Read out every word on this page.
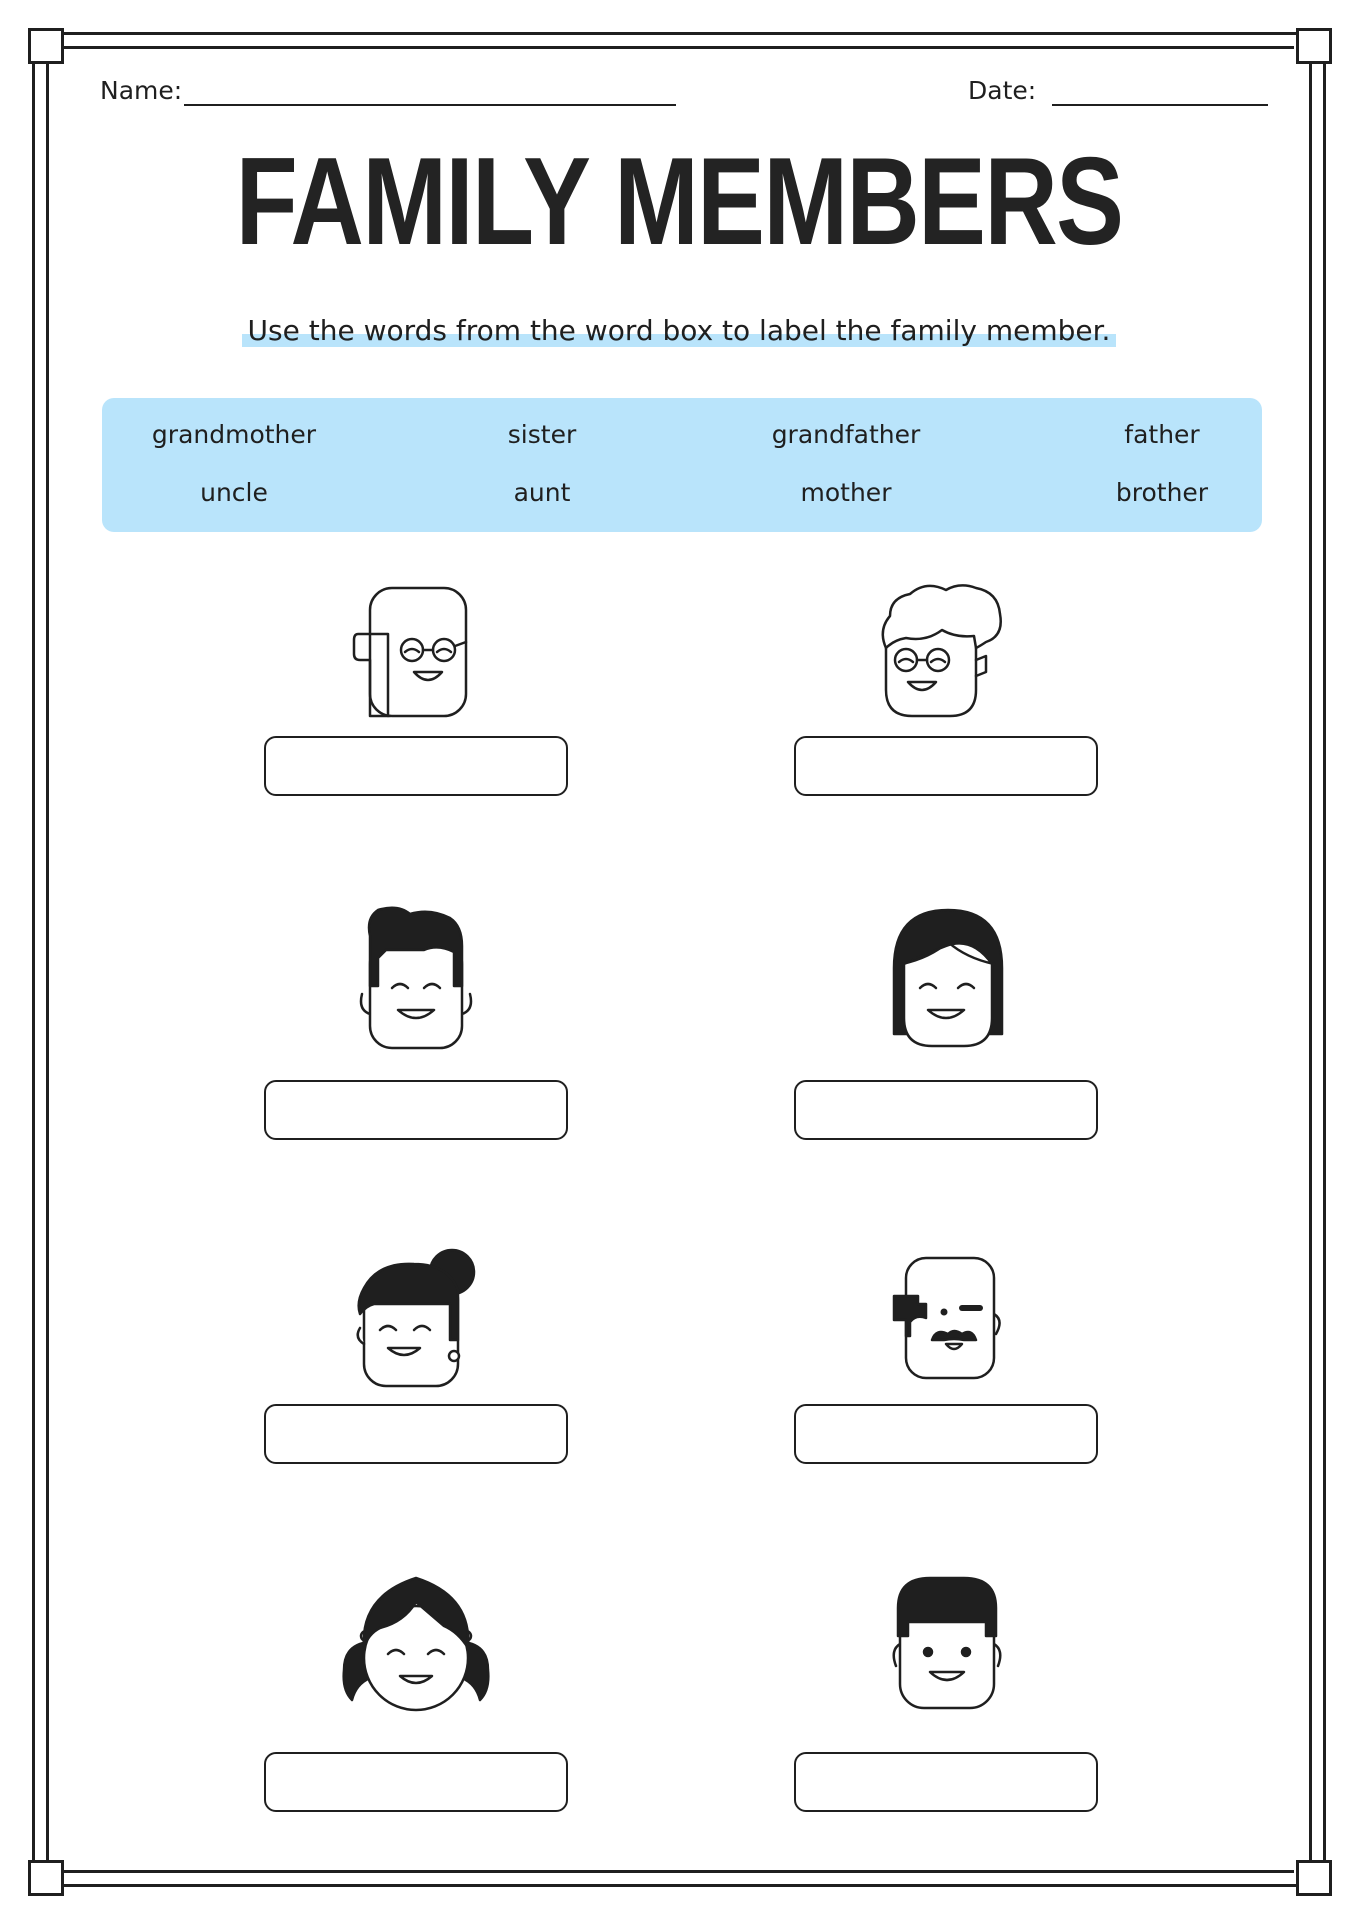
Name:	Date:
FAMILY MEMBERS
Use the words from the word box to label the family member.
grandmother	sister	grandfather	father
uncle	aunt	mother	brother
